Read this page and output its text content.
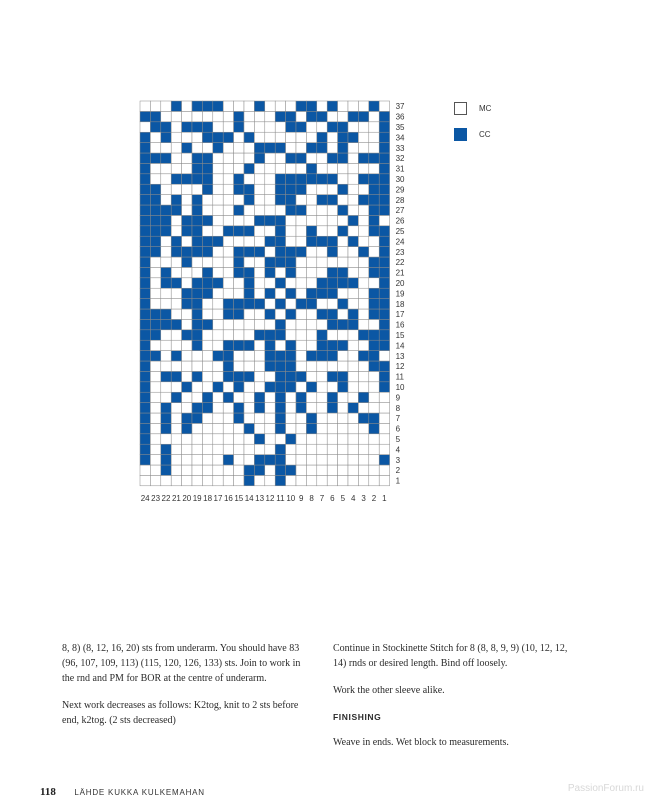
1
2
3
4
5
6
7
8
9
10
11
12
13
14
15
16
17
18
19
20
21
22
23
24
25
26
27
28
29
30
31
32
33
34
35
36
37
24 23 22 21 20 19 18 17 16 15 14 13 12 11 10 9 8 7 6 5 4 3 2 1
MC
CC

8, 8) (8, 12, 16, 20) sts from underarm. You should have 83 (96, 107, 109, 113) (115, 120, 126, 133) sts. Join to work in the rnd and PM for BOR at the centre of underarm.

Next work decreases as follows: K2tog, knit to 2 sts before end, k2tog. (2 sts decreased)

Continue in Stockinette Stitch for 8 (8, 8, 9, 9) (10, 12, 12, 14) rnds or desired length. Bind off loosely.

Work the other sleeve alike.

FINISHING

Weave in ends. Wet block to measurements.

118 LÄHDE KUKKA KULKEMAHAN	PassionForum.ru
